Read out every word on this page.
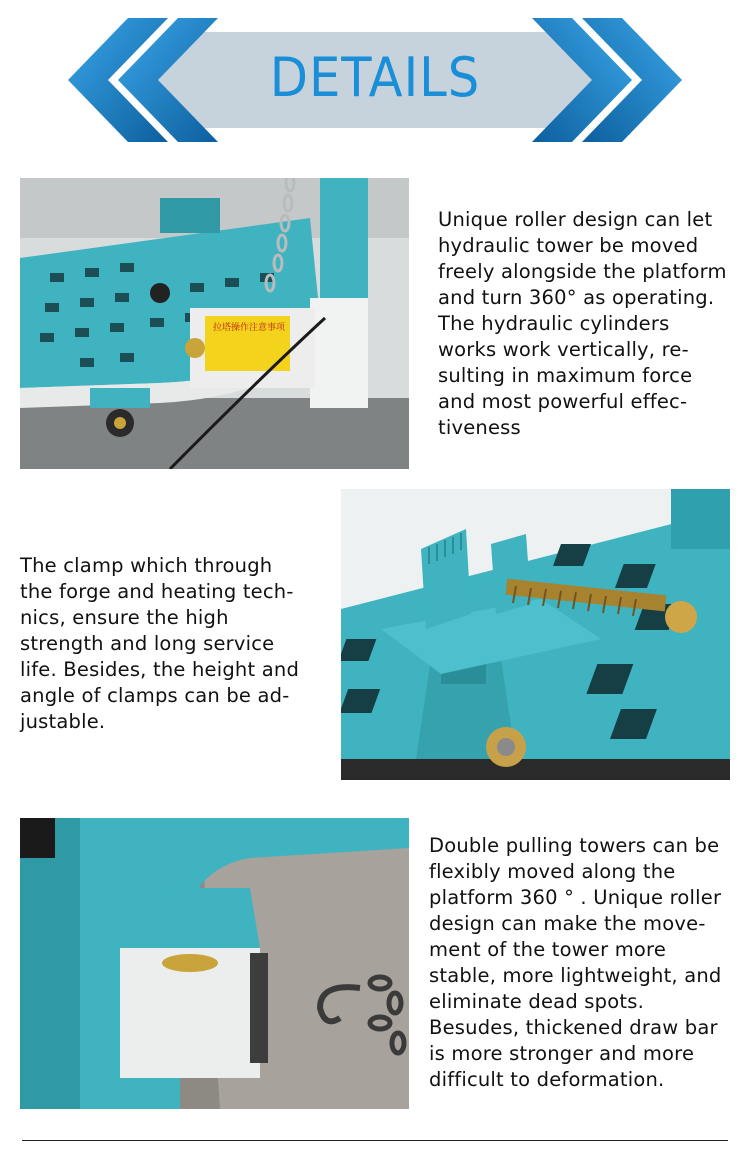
DETAILS
拉塔操作注意事项
Unique roller design can let
hydraulic tower be moved
freely alongside the platform
and turn 360° as operating.
The hydraulic cylinders
works work vertically, re-
sulting in maximum force
and most powerful effec-
tiveness
The clamp which through
the forge and heating tech-
nics, ensure the high
strength and long service
life. Besides, the height and
angle of clamps can be ad-
justable.
Double pulling towers can be
flexibly moved along the
platform 360 ° . Unique roller
design can make the move-
ment of the tower more
stable, more lightweight, and
eliminate dead spots.
Besudes, thickened draw bar
is more stronger and more
difficult to deformation.
